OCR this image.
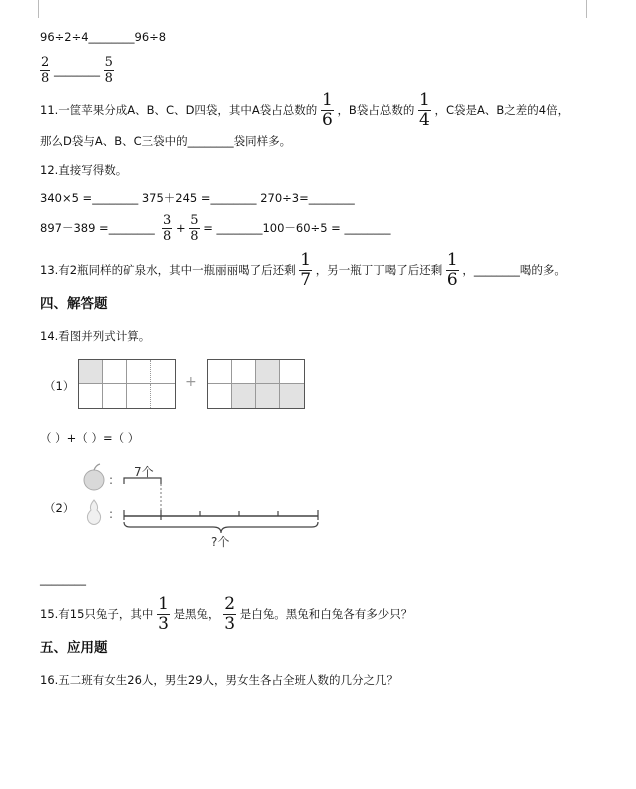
96÷2÷4________96÷8
$\frac{2}{8}$ ________ $\frac{5}{8}$
11.一筐苹果分成A、B、C、D四袋，其中A袋占总数的 $\frac{1}{6}$ ，B袋占总数的 $\frac{1}{4}$ ，C袋是A、B之差的4倍，
那么D袋与A、B、C三袋中的________袋同样多。
12.直接写得数。
340×5 =________ 375＋245 =________ 270÷3=________
897－389 =________ $\frac{3}{8} + \frac{5}{8}$ = ________100－60÷5 = ________
13.有2瓶同样的矿泉水，其中一瓶丽丽喝了后还剩 $\frac{1}{7}$ ，另一瓶丁丁喝了后还剩 $\frac{1}{6}$ ，________喝的多。
四、解答题
14.看图并列式计算。
（1）	+
（ ）+（ ）=（ ）
（2）
:
:
7个
?个
________
15.有15只兔子，其中 $\frac{1}{3}$ 是黑兔， $\frac{2}{3}$ 是白兔。黑兔和白兔各有多少只？
五、应用题
16.五二班有女生26人，男生29人，男女生各占全班人数的几分之几？
